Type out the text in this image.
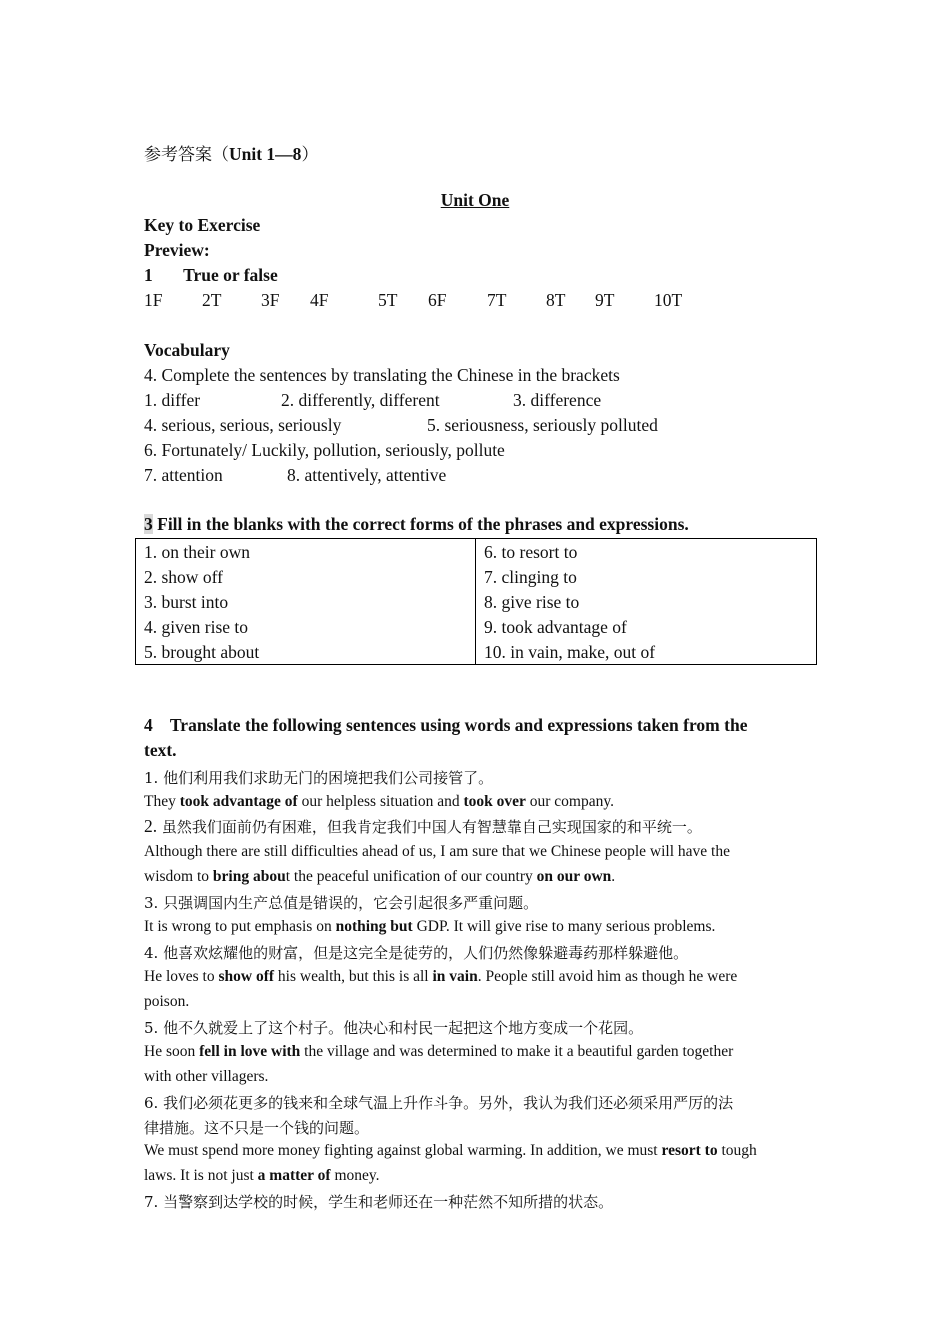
参考答案（Unit 1—8）
Unit One
Key to Exercise
Preview:
1 True or false
1F 2T 3F 4F	5T 6F 7T 8T 9T 10T
Vocabulary
4. Complete the sentences by translating the Chinese in the brackets
1. differ	2. differently, different	3. difference
4. serious, serious, seriously	5. seriousness, seriously polluted
6. Fortunately/ Luckily, pollution, seriously, pollute
7. attention	8. attentively, attentive
3 Fill in the blanks with the correct forms of the phrases and expressions.
1. on their own	6. to resort to
2. show off	7. clinging to
3. burst into	8. give rise to
4. given rise to	9. took advantage of
5. brought about	10. in vain, make, out of
4    Translate the following sentences using words and expressions taken from the
text.
1. 他们利用我们求助无门的困境把我们公司接管了。
They took advantage of our helpless situation and took over our company.
2. 虽然我们面前仍有困难，但我肯定我们中国人有智慧靠自己实现国家的和平统一。
Although there are still difficulties ahead of us, I am sure that we Chinese people will have the
wisdom to bring about the peaceful unification of our country on our own.
3. 只强调国内生产总值是错误的，它会引起很多严重问题。
It is wrong to put emphasis on nothing but GDP. It will give rise to many serious problems.
4. 他喜欢炫耀他的财富，但是这完全是徒劳的，人们仍然像躲避毒药那样躲避他。
He loves to show off his wealth, but this is all in vain. People still avoid him as though he were
poison.
5. 他不久就爱上了这个村子。他决心和村民一起把这个地方变成一个花园。
He soon fell in love with the village and was determined to make it a beautiful garden together
with other villagers.
6. 我们必须花更多的钱来和全球气温上升作斗争。另外，我认为我们还必须采用严厉的法
律措施。这不只是一个钱的问题。
We must spend more money fighting against global warming. In addition, we must resort to tough
laws. It is not just a matter of money.
7. 当警察到达学校的时候，学生和老师还在一种茫然不知所措的状态。
